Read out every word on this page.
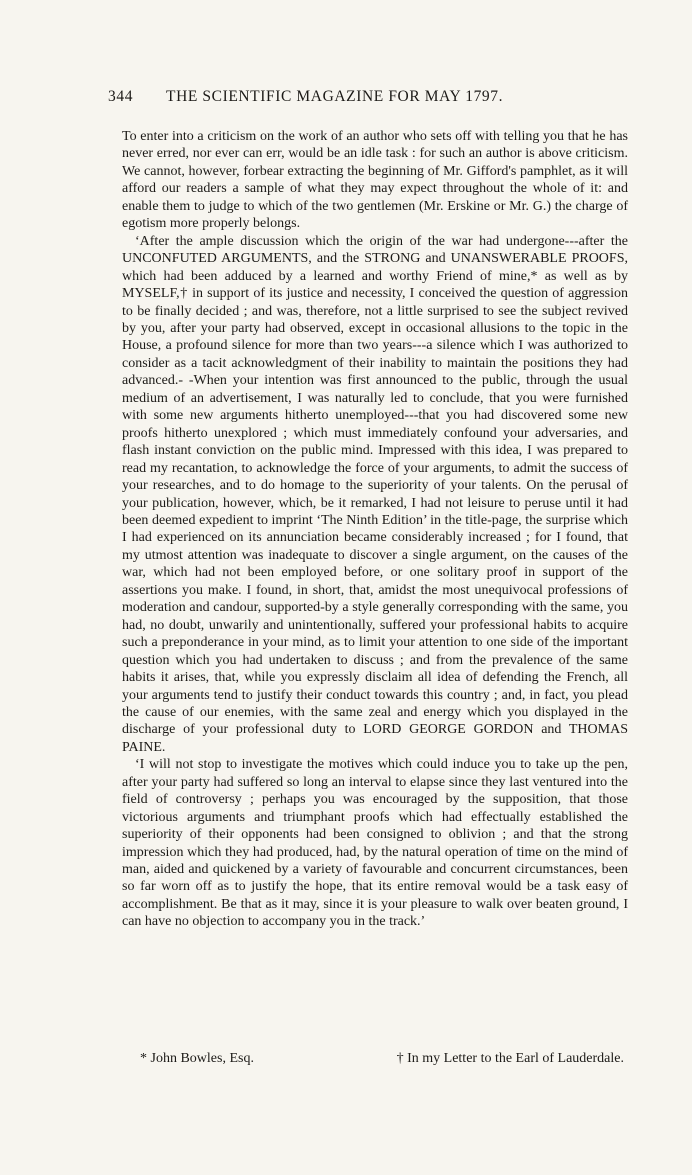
344	THE SCIENTIFIC MAGAZINE FOR MAY 1797.

To enter into a criticism on the work of an author who sets off with telling you that he has never erred, nor ever can err, would be an idle task : for such an author is above criticism. We cannot, however, forbear extracting the beginning of Mr. Gifford's pamphlet, as it will afford our readers a sample of what they may expect throughout the whole of it: and enable them to judge to which of the two gentlemen (Mr. Erskine or Mr. G.) the charge of egotism more properly belongs.

‘After the ample discussion which the origin of the war had undergone---after the UNCONFUTED ARGUMENTS, and the STRONG and UNANSWERABLE PROOFS, which had been adduced by a learned and worthy Friend of mine,* as well as by MYSELF,† in support of its justice and necessity, I conceived the question of aggression to be finally decided ; and was, therefore, not a little surprised to see the subject revived by you, after your party had observed, except in occasional allusions to the topic in the House, a profound silence for more than two years---a silence which I was authorized to consider as a tacit acknowledgment of their inability to maintain the positions they had advanced.- -When your intention was first announced to the public, through the usual medium of an advertisement, I was naturally led to conclude, that you were furnished with some new arguments hitherto unemployed---that you had discovered some new proofs hitherto unexplored ; which must immediately confound your adversaries, and flash instant conviction on the public mind. Impressed with this idea, I was prepared to read my recantation, to acknowledge the force of your arguments, to admit the success of your researches, and to do homage to the superiority of your talents. On the perusal of your publication, however, which, be it remarked, I had not leisure to peruse until it had been deemed expedient to imprint ‘The Ninth Edition’ in the title-page, the surprise which I had experienced on its annunciation became considerably increased ; for I found, that my utmost attention was inadequate to discover a single argument, on the causes of the war, which had not been employed before, or one solitary proof in support of the assertions you make. I found, in short, that, amidst the most unequivocal professions of moderation and candour, supported-by a style generally corresponding with the same, you had, no doubt, unwarily and unintentionally, suffered your professional habits to acquire such a preponderance in your mind, as to limit your attention to one side of the important question which you had undertaken to discuss ; and from the prevalence of the same habits it arises, that, while you expressly disclaim all idea of defending the French, all your arguments tend to justify their conduct towards this country ; and, in fact, you plead the cause of our enemies, with the same zeal and energy which you displayed in the discharge of your professional duty to LORD GEORGE GORDON and THOMAS PAINE.

‘I will not stop to investigate the motives which could induce you to take up the pen, after your party had suffered so long an interval to elapse since they last ventured into the field of controversy ; perhaps you was encouraged by the supposition, that those victorious arguments and triumphant proofs which had effectually established the superiority of their opponents had been consigned to oblivion ; and that the strong impression which they had produced, had, by the natural operation of time on the mind of man, aided and quickened by a variety of favourable and concurrent circumstances, been so far worn off as to justify the hope, that its entire removal would be a task easy of accomplishment. Be that as it may, since it is your pleasure to walk over beaten ground, I can have no objection to accompany you in the track.’

* John Bowles, Esq.	† In my Letter to the Earl of Lauderdale.
